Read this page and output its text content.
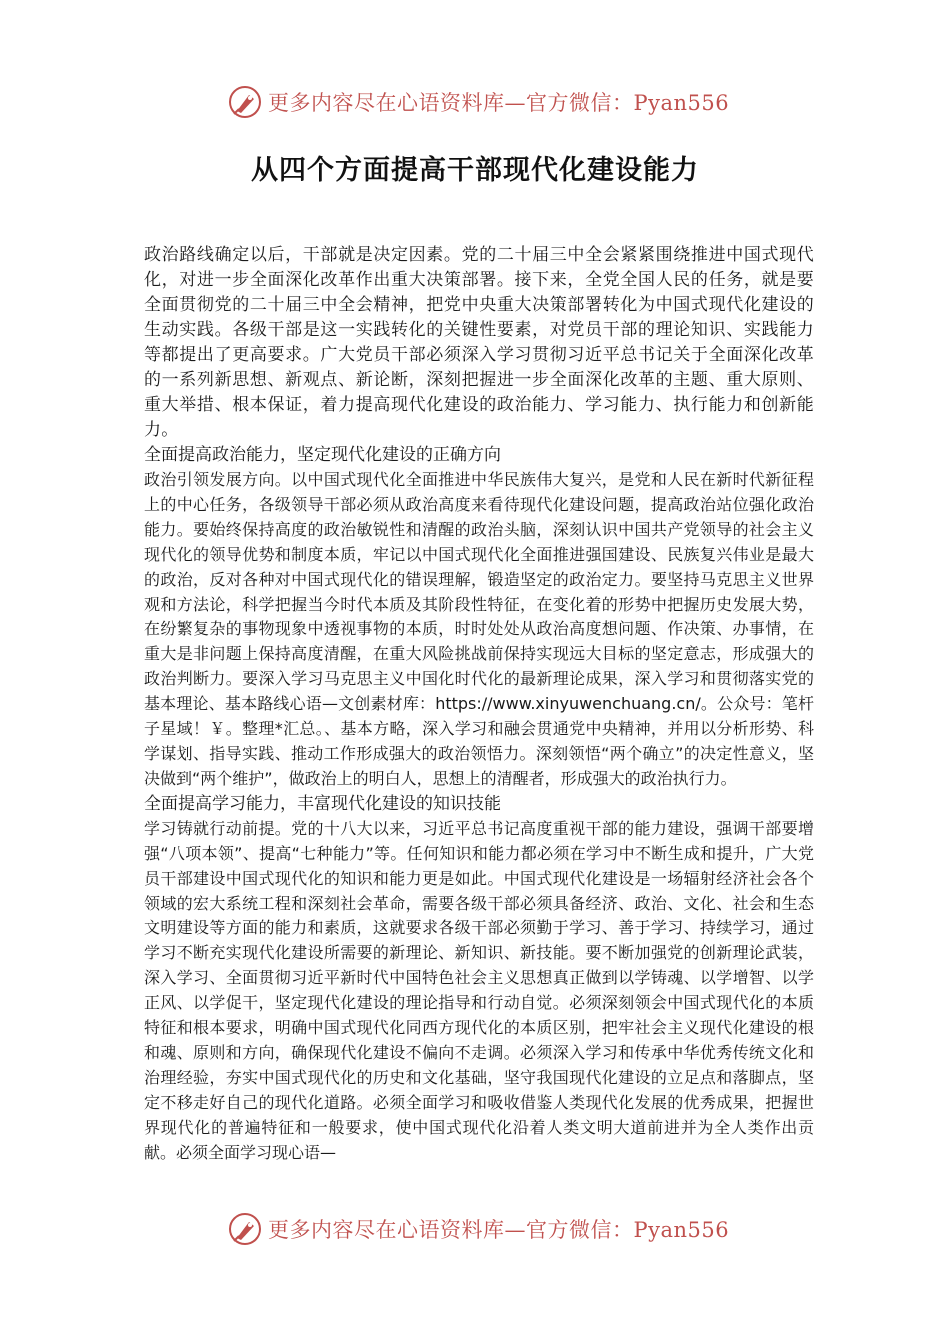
更多内容尽在心语资料库—官方微信：Pyan556
从四个方面提高干部现代化建设能力

政治路线确定以后，干部就是决定因素。党的二十届三中全会紧紧围绕推进中国式现代化，对进一步全面深化改革作出重大决策部署。接下来，全党全国人民的任务，就是要全面贯彻党的二十届三中全会精神，把党中央重大决策部署转化为中国式现代化建设的生动实践。各级干部是这一实践转化的关键性要素，对党员干部的理论知识、实践能力等都提出了更高要求。广大党员干部必须深入学习贯彻习近平总书记关于全面深化改革的一系列新思想、新观点、新论断，深刻把握进一步全面深化改革的主题、重大原则、重大举措、根本保证，着力提高现代化建设的政治能力、学习能力、执行能力和创新能力。

全面提高政治能力，坚定现代化建设的正确方向

政治引领发展方向。以中国式现代化全面推进中华民族伟大复兴，是党和人民在新时代新征程上的中心任务，各级领导干部必须从政治高度来看待现代化建设问题，提高政治站位强化政治能力。要始终保持高度的政治敏锐性和清醒的政治头脑，深刻认识中国共产党领导的社会主义现代化的领导优势和制度本质，牢记以中国式现代化全面推进强国建设、民族复兴伟业是最大的政治，反对各种对中国式现代化的错误理解，锻造坚定的政治定力。要坚持马克思主义世界观和方法论，科学把握当今时代本质及其阶段性特征，在变化着的形势中把握历史发展大势，在纷繁复杂的事物现象中透视事物的本质，时时处处从政治高度想问题、作决策、办事情，在重大是非问题上保持高度清醒，在重大风险挑战前保持实现远大目标的坚定意志，形成强大的政治判断力。要深入学习马克思主义中国化时代化的最新理论成果，深入学习和贯彻落实党的基本理论、基本路线心语—文创素材库：https://www.xinyuwenchuang.cn/。公众号：笔杆子星域！￥。整理*汇总。、基本方略，深入学习和融会贯通党中央精神，并用以分析形势、科学谋划、指导实践、推动工作形成强大的政治领悟力。深刻领悟“两个确立”的决定性意义，坚决做到“两个维护”，做政治上的明白人，思想上的清醒者，形成强大的政治执行力。

全面提高学习能力，丰富现代化建设的知识技能

学习铸就行动前提。党的十八大以来，习近平总书记高度重视干部的能力建设，强调干部要增强“八项本领”、提高“七种能力”等。任何知识和能力都必须在学习中不断生成和提升，广大党员干部建设中国式现代化的知识和能力更是如此。中国式现代化建设是一场辐射经济社会各个领域的宏大系统工程和深刻社会革命，需要各级干部必须具备经济、政治、文化、社会和生态文明建设等方面的能力和素质，这就要求各级干部必须勤于学习、善于学习、持续学习，通过学习不断充实现代化建设所需要的新理论、新知识、新技能。要不断加强党的创新理论武装，深入学习、全面贯彻习近平新时代中国特色社会主义思想真正做到以学铸魂、以学增智、以学正风、以学促干，坚定现代化建设的理论指导和行动自觉。必须深刻领会中国式现代化的本质特征和根本要求，明确中国式现代化同西方现代化的本质区别，把牢社会主义现代化建设的根和魂、原则和方向，确保现代化建设不偏向不走调。必须深入学习和传承中华优秀传统文化和治理经验，夯实中国式现代化的历史和文化基础，坚守我国现代化建设的立足点和落脚点，坚定不移走好自己的现代化道路。必须全面学习和吸收借鉴人类现代化发展的优秀成果，把握世界现代化的普遍特征和一般要求，使中国式现代化沿着人类文明大道前进并为全人类作出贡献。必须全面学习现心语—

更多内容尽在心语资料库—官方微信：Pyan556
